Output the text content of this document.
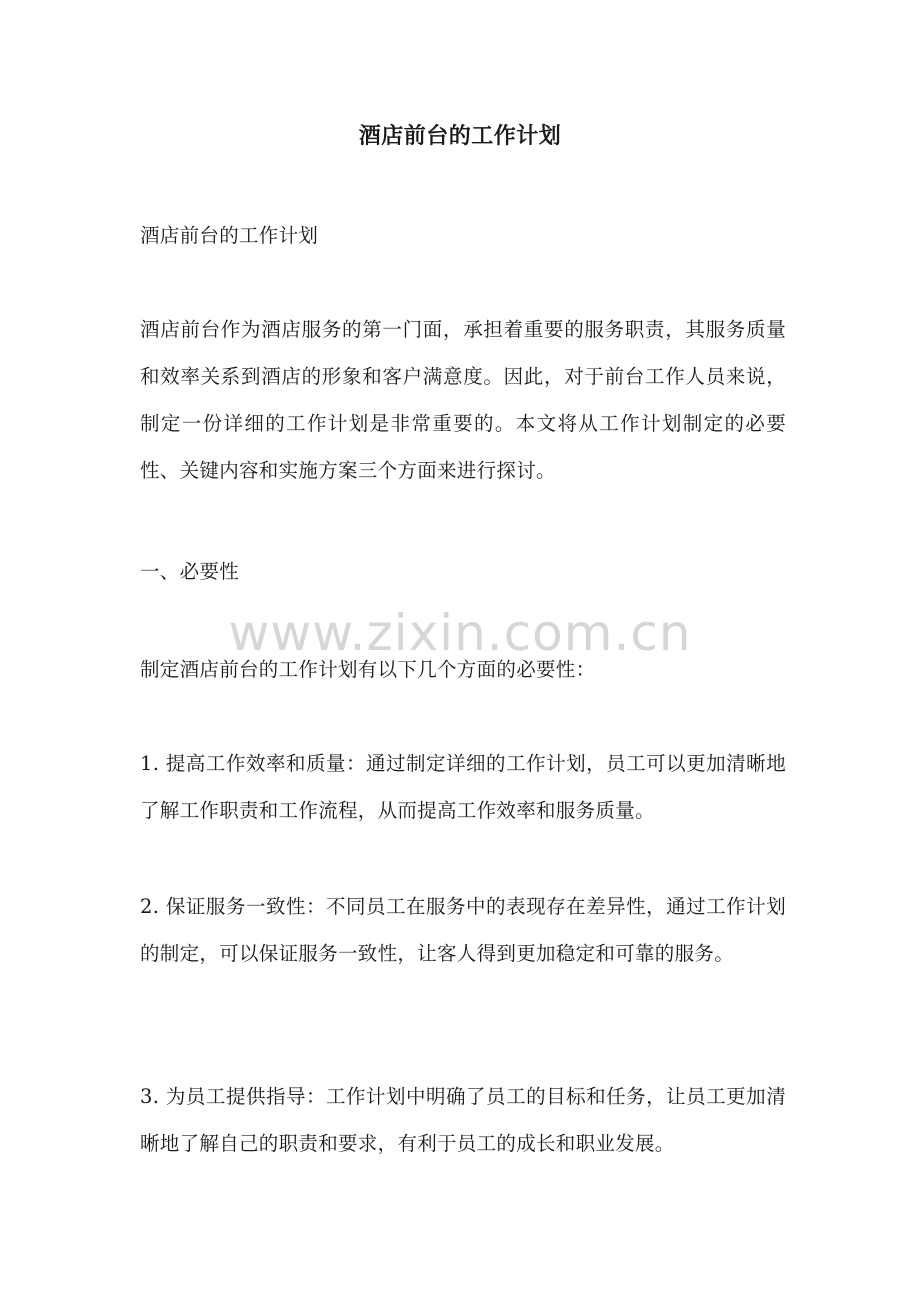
酒店前台的工作计划
酒店前台的工作计划
酒店前台作为酒店服务的第一门面，承担着重要的服务职责，其服务质量和效率关系到酒店的形象和客户满意度。因此，对于前台工作人员来说，制定一份详细的工作计划是非常重要的。本文将从工作计划制定的必要性、关键内容和实施方案三个方面来进行探讨。
一、必要性
www.zixin.com.cn
制定酒店前台的工作计划有以下几个方面的必要性：
1. 提高工作效率和质量：通过制定详细的工作计划，员工可以更加清晰地了解工作职责和工作流程，从而提高工作效率和服务质量。
2. 保证服务一致性：不同员工在服务中的表现存在差异性，通过工作计划的制定，可以保证服务一致性，让客人得到更加稳定和可靠的服务。
3. 为员工提供指导：工作计划中明确了员工的目标和任务，让员工更加清晰地了解自己的职责和要求，有利于员工的成长和职业发展。
